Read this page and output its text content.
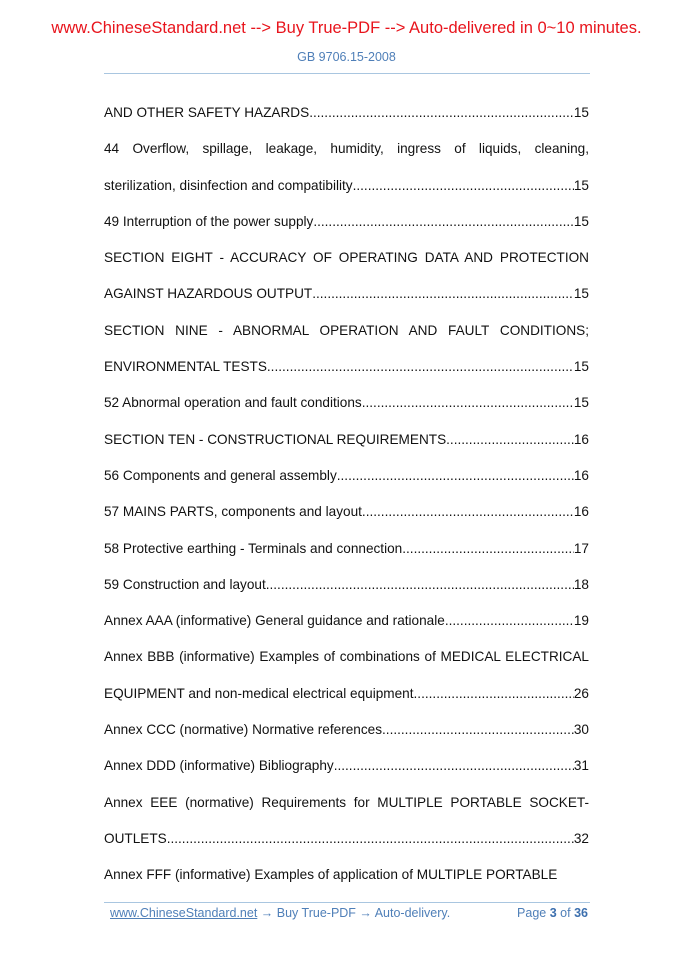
www.ChineseStandard.net --> Buy True-PDF --> Auto-delivered in 0~10 minutes.
GB 9706.15-2008
AND OTHER SAFETY HAZARDS .....	15
44 Overflow, spillage, leakage, humidity, ingress of liquids, cleaning,
sterilization, disinfection and compatibility .....	15
49 Interruption of the power supply .....	15
SECTION EIGHT - ACCURACY OF OPERATING DATA AND PROTECTION
AGAINST HAZARDOUS OUTPUT .....	15
SECTION NINE - ABNORMAL OPERATION AND FAULT CONDITIONS;
ENVIRONMENTAL TESTS .....	15
52 Abnormal operation and fault conditions .....	15
SECTION TEN - CONSTRUCTIONAL REQUIREMENTS .....	16
56 Components and general assembly .....	16
57 MAINS PARTS, components and layout .....	16
58 Protective earthing - Terminals and connection .....	17
59 Construction and layout .....	18
Annex AAA (informative) General guidance and rationale .....	19
Annex BBB (informative) Examples of combinations of MEDICAL ELECTRICAL
EQUIPMENT and non-medical electrical equipment .....	26
Annex CCC (normative) Normative references .....	30
Annex DDD (informative) Bibliography .....	31
Annex EEE (normative) Requirements for MULTIPLE PORTABLE SOCKET-
OUTLETS .....	32
Annex FFF (informative) Examples of application of MULTIPLE PORTABLE
www.ChineseStandard.net → Buy True-PDF → Auto-delivery.	Page 3 of 36
